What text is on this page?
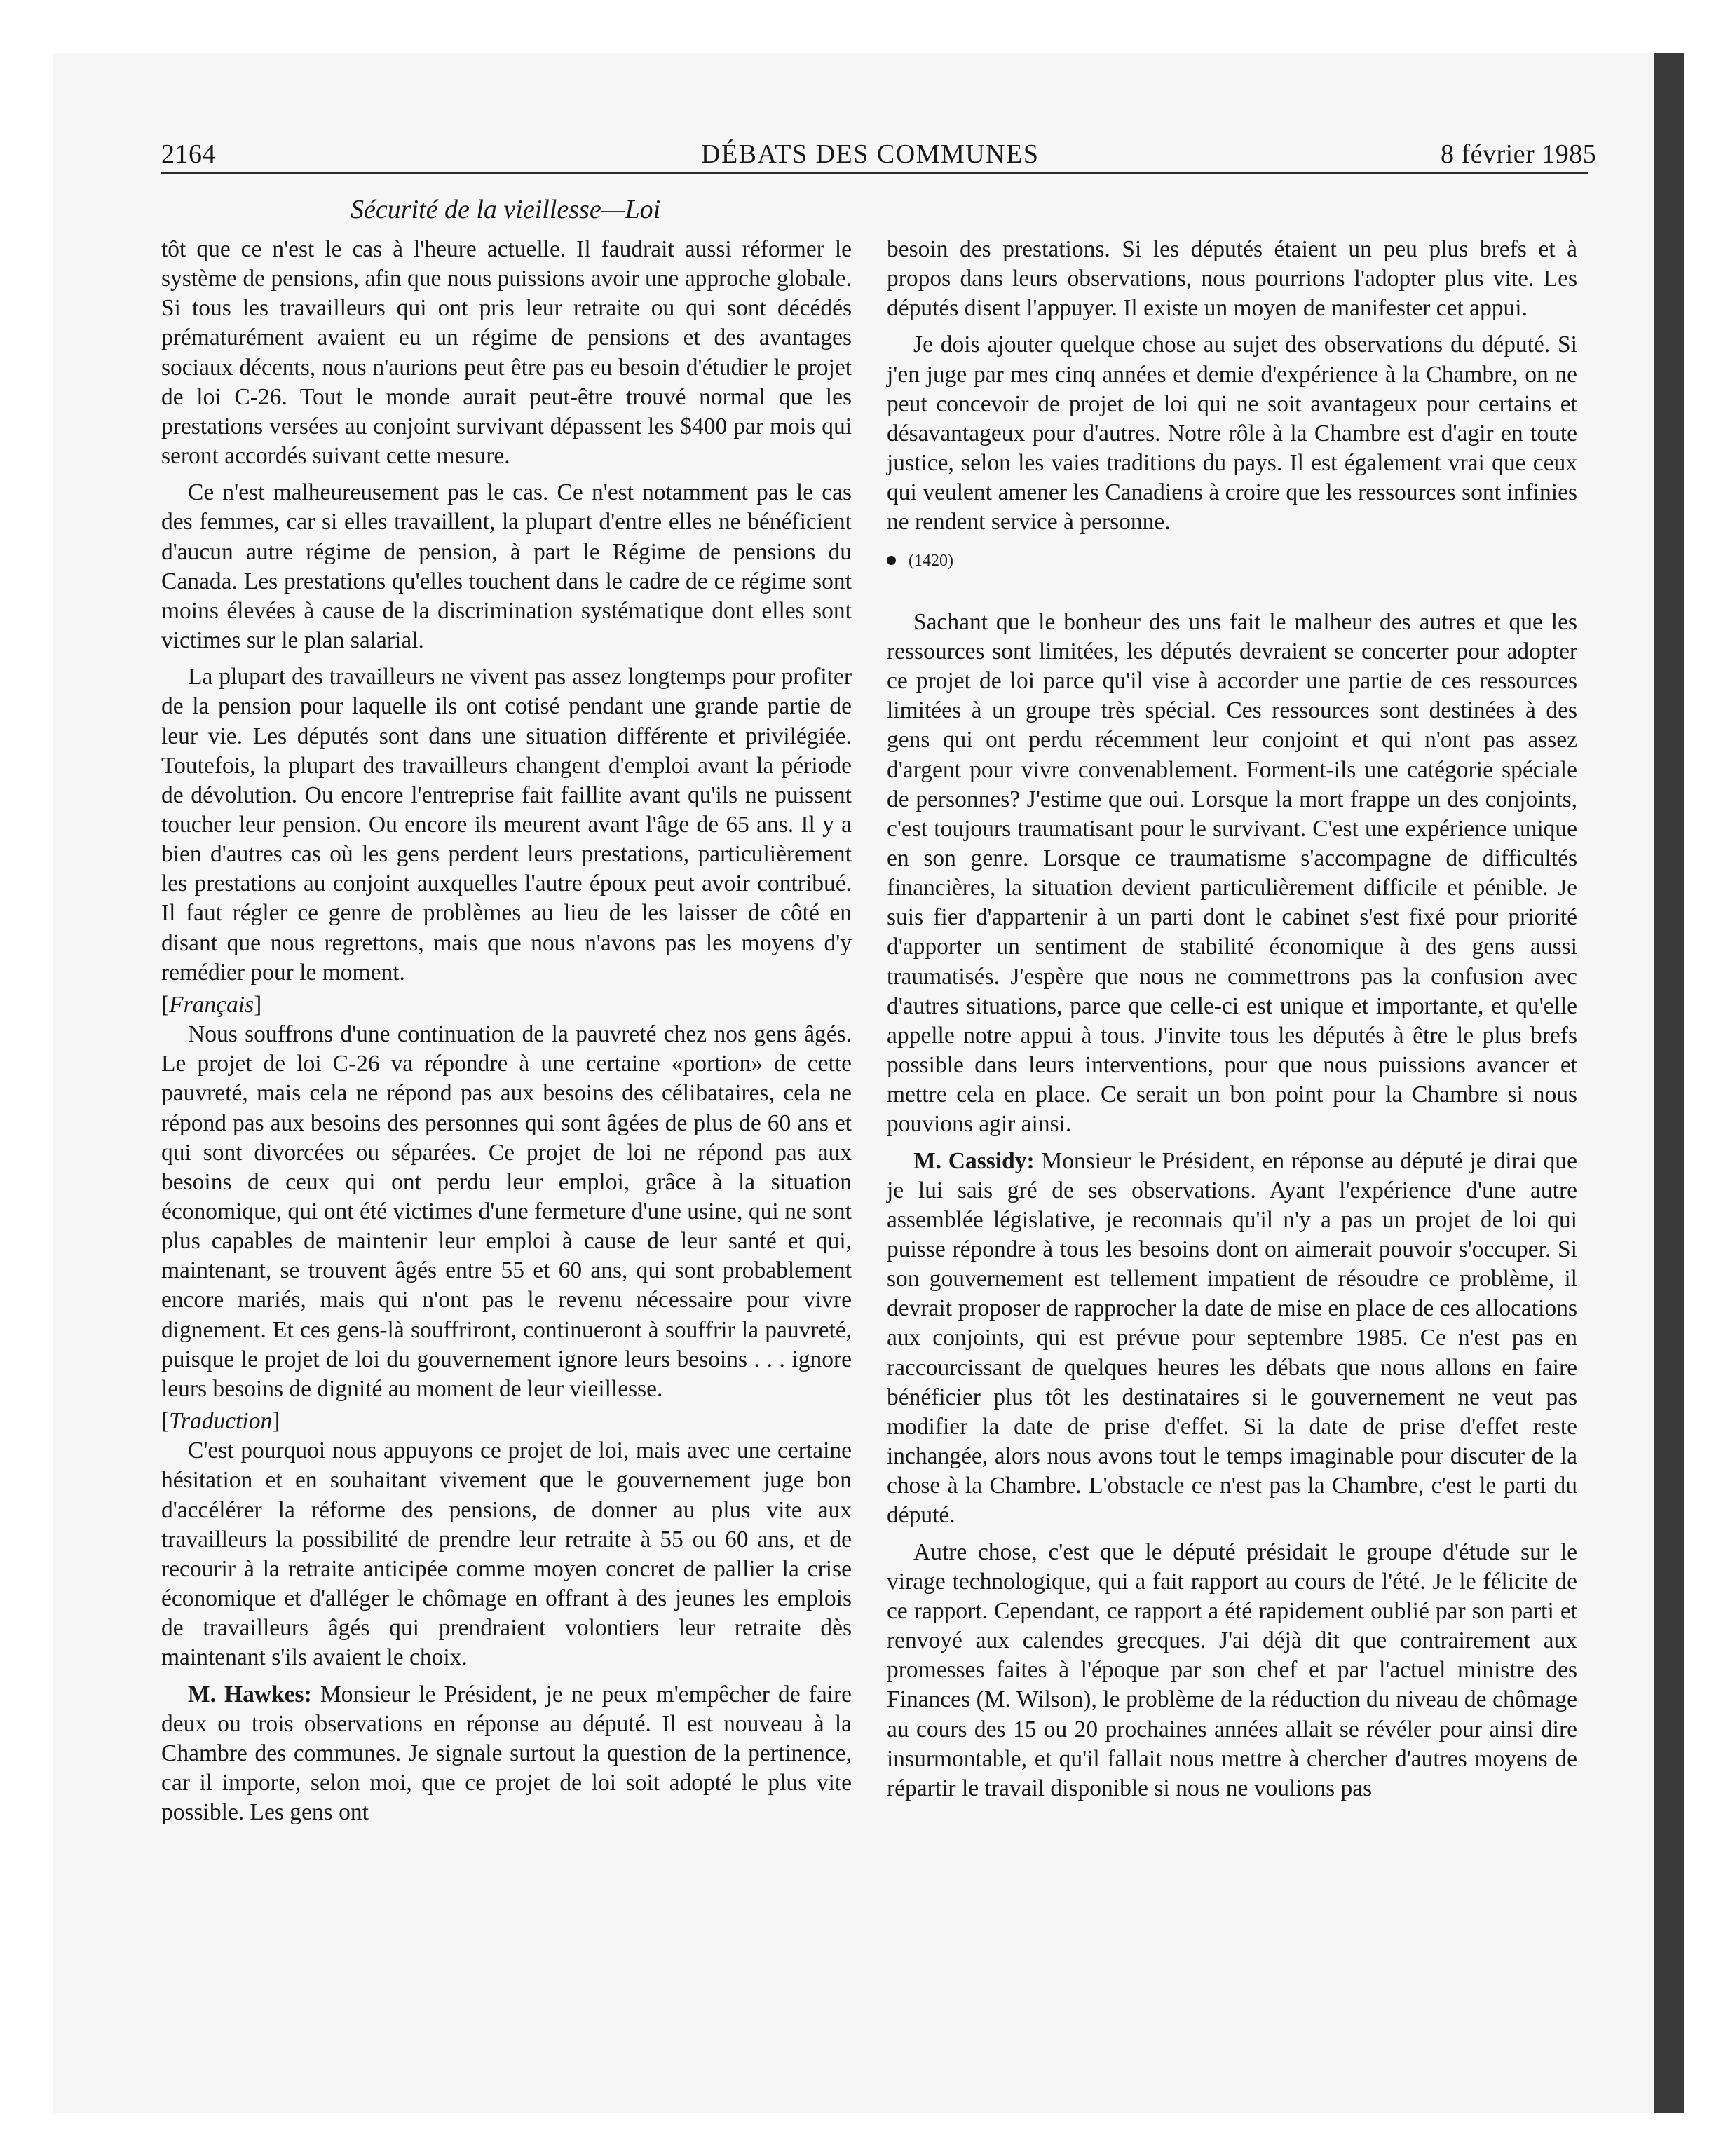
2164	DÉBATS DES COMMUNES	8 février 1985
Sécurité de la vieillesse—Loi

tôt que ce n'est le cas à l'heure actuelle. Il faudrait aussi réformer le système de pensions, afin que nous puissions avoir une approche globale. Si tous les travailleurs qui ont pris leur retraite ou qui sont décédés prématurément avaient eu un régime de pensions et des avantages sociaux décents, nous n'aurions peut être pas eu besoin d'étudier le projet de loi C-26. Tout le monde aurait peut-être trouvé normal que les prestations versées au conjoint survivant dépassent les $400 par mois qui seront accordés suivant cette mesure.

Ce n'est malheureusement pas le cas. Ce n'est notamment pas le cas des femmes, car si elles travaillent, la plupart d'entre elles ne bénéficient d'aucun autre régime de pension, à part le Régime de pensions du Canada. Les prestations qu'elles touchent dans le cadre de ce régime sont moins élevées à cause de la discrimination systématique dont elles sont victimes sur le plan salarial.

La plupart des travailleurs ne vivent pas assez longtemps pour profiter de la pension pour laquelle ils ont cotisé pendant une grande partie de leur vie. Les députés sont dans une situation différente et privilégiée. Toutefois, la plupart des travailleurs changent d'emploi avant la période de dévolution. Ou encore l'entreprise fait faillite avant qu'ils ne puissent toucher leur pension. Ou encore ils meurent avant l'âge de 65 ans. Il y a bien d'autres cas où les gens perdent leurs prestations, particulièrement les prestations au conjoint auxquelles l'autre époux peut avoir contribué. Il faut régler ce genre de problèmes au lieu de les laisser de côté en disant que nous regrettons, mais que nous n'avons pas les moyens d'y remédier pour le moment.

[Français]

Nous souffrons d'une continuation de la pauvreté chez nos gens âgés. Le projet de loi C-26 va répondre à une certaine «portion» de cette pauvreté, mais cela ne répond pas aux besoins des célibataires, cela ne répond pas aux besoins des personnes qui sont âgées de plus de 60 ans et qui sont divorcées ou séparées. Ce projet de loi ne répond pas aux besoins de ceux qui ont perdu leur emploi, grâce à la situation économique, qui ont été victimes d'une fermeture d'une usine, qui ne sont plus capables de maintenir leur emploi à cause de leur santé et qui, maintenant, se trouvent âgés entre 55 et 60 ans, qui sont probablement encore mariés, mais qui n'ont pas le revenu nécessaire pour vivre dignement. Et ces gens-là souffriront, continueront à souffrir la pauvreté, puisque le projet de loi du gouvernement ignore leurs besoins . . . ignore leurs besoins de dignité au moment de leur vieillesse.

[Traduction]

C'est pourquoi nous appuyons ce projet de loi, mais avec une certaine hésitation et en souhaitant vivement que le gouvernement juge bon d'accélérer la réforme des pensions, de donner au plus vite aux travailleurs la possibilité de prendre leur retraite à 55 ou 60 ans, et de recourir à la retraite anticipée comme moyen concret de pallier la crise économique et d'alléger le chômage en offrant à des jeunes les emplois de travailleurs âgés qui prendraient volontiers leur retraite dès maintenant s'ils avaient le choix.

M. Hawkes: Monsieur le Président, je ne peux m'empêcher de faire deux ou trois observations en réponse au député. Il est nouveau à la Chambre des communes. Je signale surtout la question de la pertinence, car il importe, selon moi, que ce projet de loi soit adopté le plus vite possible. Les gens ont

besoin des prestations. Si les députés étaient un peu plus brefs et à propos dans leurs observations, nous pourrions l'adopter plus vite. Les députés disent l'appuyer. Il existe un moyen de manifester cet appui.

Je dois ajouter quelque chose au sujet des observations du député. Si j'en juge par mes cinq années et demie d'expérience à la Chambre, on ne peut concevoir de projet de loi qui ne soit avantageux pour certains et désavantageux pour d'autres. Notre rôle à la Chambre est d'agir en toute justice, selon les vaies traditions du pays. Il est également vrai que ceux qui veulent amener les Canadiens à croire que les ressources sont infinies ne rendent service à personne.

(1420)

Sachant que le bonheur des uns fait le malheur des autres et que les ressources sont limitées, les députés devraient se concerter pour adopter ce projet de loi parce qu'il vise à accorder une partie de ces ressources limitées à un groupe très spécial. Ces ressources sont destinées à des gens qui ont perdu récemment leur conjoint et qui n'ont pas assez d'argent pour vivre convenablement. Forment-ils une catégorie spéciale de personnes? J'estime que oui. Lorsque la mort frappe un des conjoints, c'est toujours traumatisant pour le survivant. C'est une expérience unique en son genre. Lorsque ce traumatisme s'accompagne de difficultés financières, la situation devient particulièrement difficile et pénible. Je suis fier d'appartenir à un parti dont le cabinet s'est fixé pour priorité d'apporter un sentiment de stabilité économique à des gens aussi traumatisés. J'espère que nous ne commettrons pas la confusion avec d'autres situations, parce que celle-ci est unique et importante, et qu'elle appelle notre appui à tous. J'invite tous les députés à être le plus brefs possible dans leurs interventions, pour que nous puissions avancer et mettre cela en place. Ce serait un bon point pour la Chambre si nous pouvions agir ainsi.

M. Cassidy: Monsieur le Président, en réponse au député je dirai que je lui sais gré de ses observations. Ayant l'expérience d'une autre assemblée législative, je reconnais qu'il n'y a pas un projet de loi qui puisse répondre à tous les besoins dont on aimerait pouvoir s'occuper. Si son gouvernement est tellement impatient de résoudre ce problème, il devrait proposer de rapprocher la date de mise en place de ces allocations aux conjoints, qui est prévue pour septembre 1985. Ce n'est pas en raccourcissant de quelques heures les débats que nous allons en faire bénéficier plus tôt les destinataires si le gouvernement ne veut pas modifier la date de prise d'effet. Si la date de prise d'effet reste inchangée, alors nous avons tout le temps imaginable pour discuter de la chose à la Chambre. L'obstacle ce n'est pas la Chambre, c'est le parti du député.

Autre chose, c'est que le député présidait le groupe d'étude sur le virage technologique, qui a fait rapport au cours de l'été. Je le félicite de ce rapport. Cependant, ce rapport a été rapidement oublié par son parti et renvoyé aux calendes grecques. J'ai déjà dit que contrairement aux promesses faites à l'époque par son chef et par l'actuel ministre des Finances (M. Wilson), le problème de la réduction du niveau de chômage au cours des 15 ou 20 prochaines années allait se révéler pour ainsi dire insurmontable, et qu'il fallait nous mettre à chercher d'autres moyens de répartir le travail disponible si nous ne voulions pas
